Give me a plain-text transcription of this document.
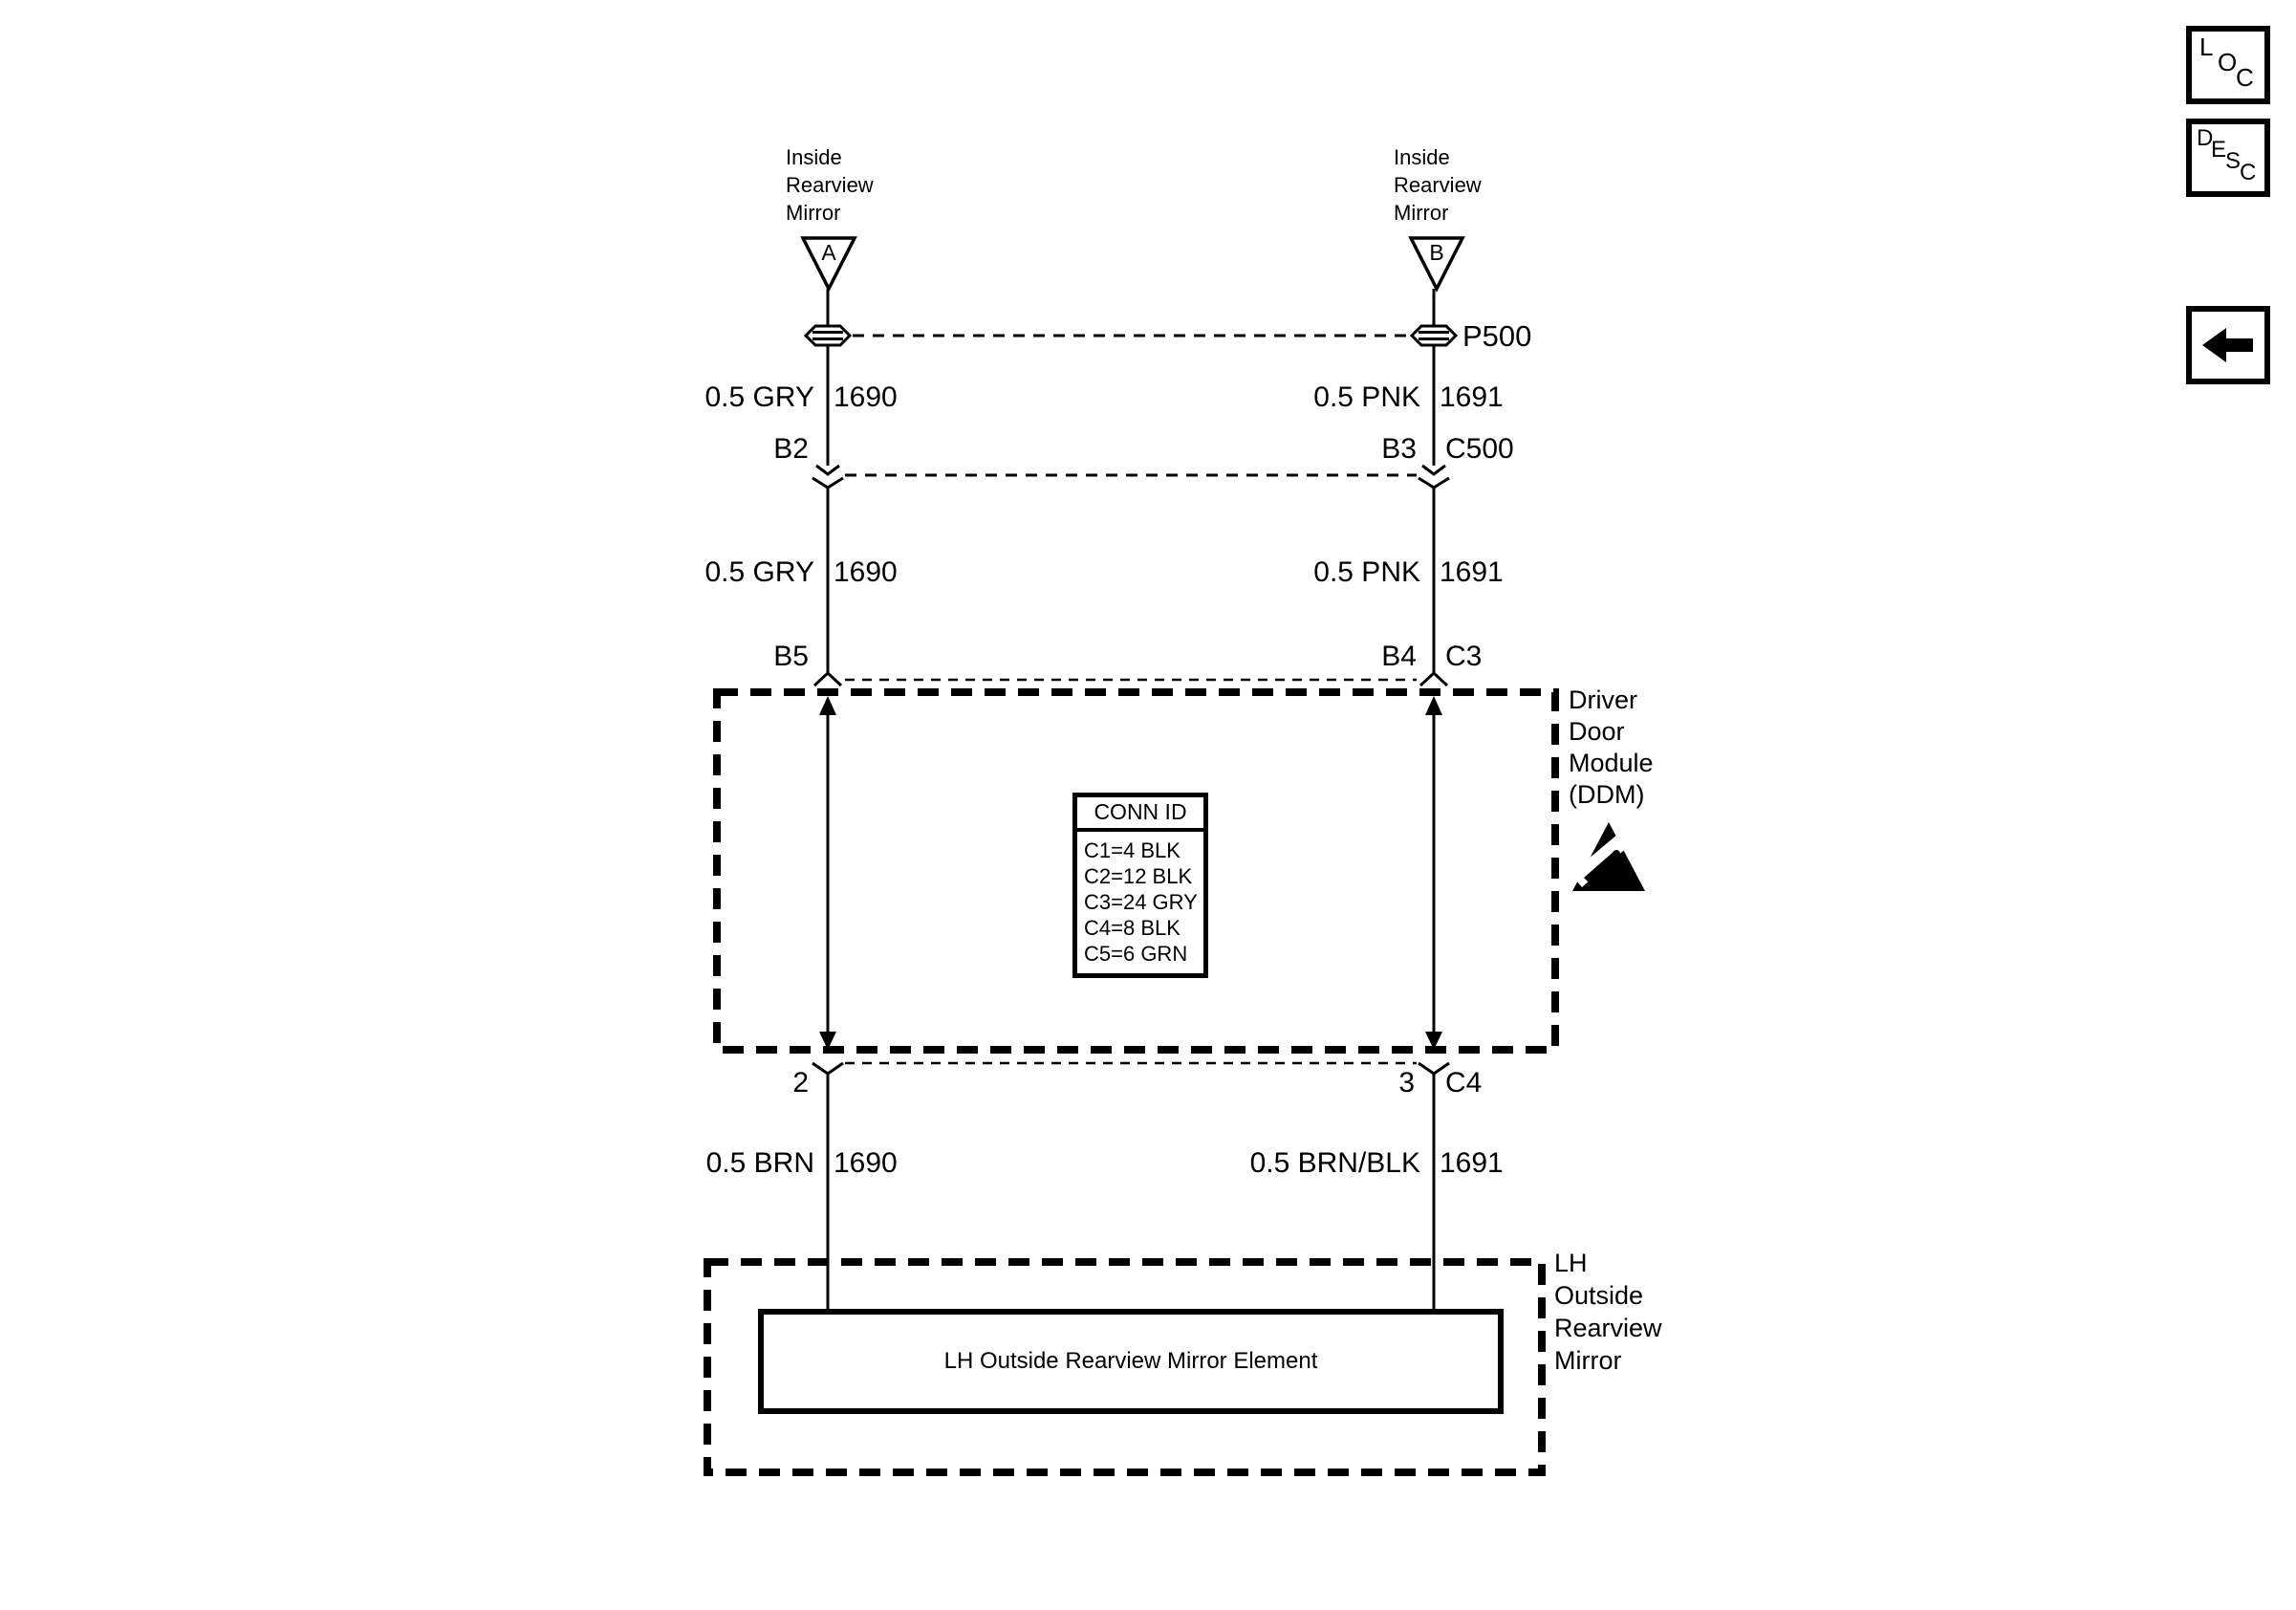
Inside
Rearview
Mirror
Inside
Rearview
Mirror
A	B
P500
0.5 GRY 1690	0.5 PNK 1691
B2	B3 C500
0.5 GRY 1690	0.5 PNK 1691
B5	B4 C3
Driver
Door
Module
(DDM)
CONN ID
C1=4 BLK
C2=12 BLK
C3=24 GRY
C4=8 BLK
C5=6 GRN
2	3 C4
0.5 BRN 1690	0.5 BRN/BLK 1691
LH Outside Rearview Mirror Element
LH
Outside
Rearview
Mirror
L
O
C
D
E
S
C
